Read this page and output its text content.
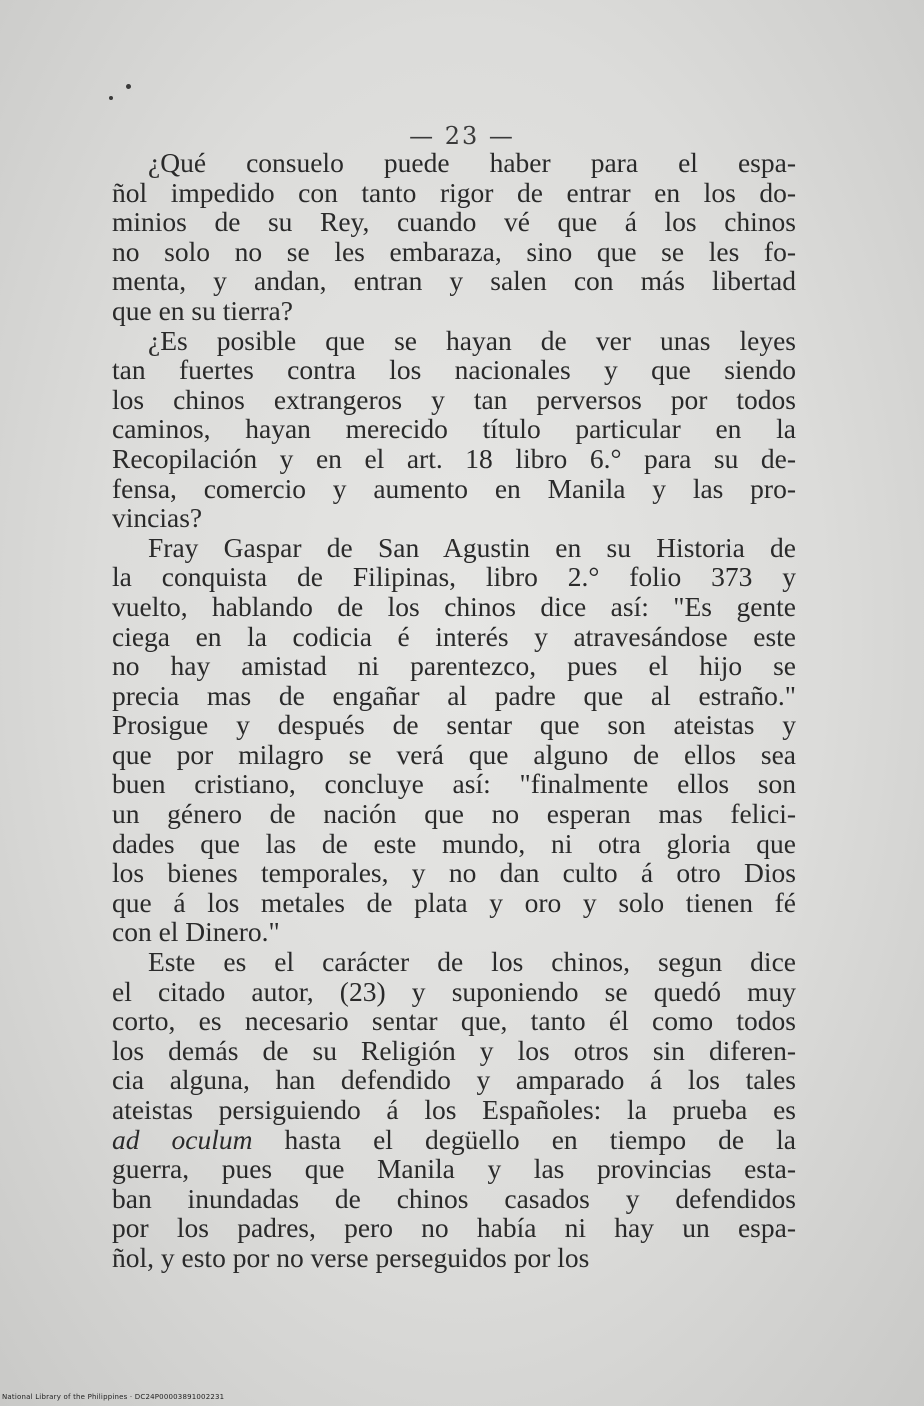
— 23 —
¿Qué consuelo puede haber para el espa-
ñol impedido con tanto rigor de entrar en los do-
minios de su Rey, cuando vé que á los chinos
no solo no se les embaraza, sino que se les fo-
menta, y andan, entran y salen con más libertad
que en su tierra?
¿Es posible que se hayan de ver unas leyes
tan fuertes contra los nacionales y que siendo
los chinos extrangeros y tan perversos por todos
caminos, hayan merecido título particular en la
Recopilación y en el art. 18 libro 6.° para su de-
fensa, comercio y aumento en Manila y las pro-
vincias?
Fray Gaspar de San Agustin en su Historia de
la conquista de Filipinas, libro 2.° folio 373 y
vuelto, hablando de los chinos dice así: "Es gente
ciega en la codicia é interés y atravesándose este
no hay amistad ni parentezco, pues el hijo se
precia mas de engañar al padre que al estraño."
Prosigue y después de sentar que son ateistas y
que por milagro se verá que alguno de ellos sea
buen cristiano, concluye así: "finalmente ellos son
un género de nación que no esperan mas felici-
dades que las de este mundo, ni otra gloria que
los bienes temporales, y no dan culto á otro Dios
que á los metales de plata y oro y solo tienen fé
con el Dinero."
Este es el carácter de los chinos, segun dice
el citado autor, (23) y suponiendo se quedó muy
corto, es necesario sentar que, tanto él como todos
los demás de su Religión y los otros sin diferen-
cia alguna, han defendido y amparado á los tales
ateistas persiguiendo á los Españoles: la prueba es
ad oculum hasta el degüello en tiempo de la
guerra, pues que Manila y las provincias esta-
ban inundadas de chinos casados y defendidos
por los padres, pero no había ni hay un espa-
ñol, y esto por no verse perseguidos por los
National Library of the Philippines · DC24P00003891002231
